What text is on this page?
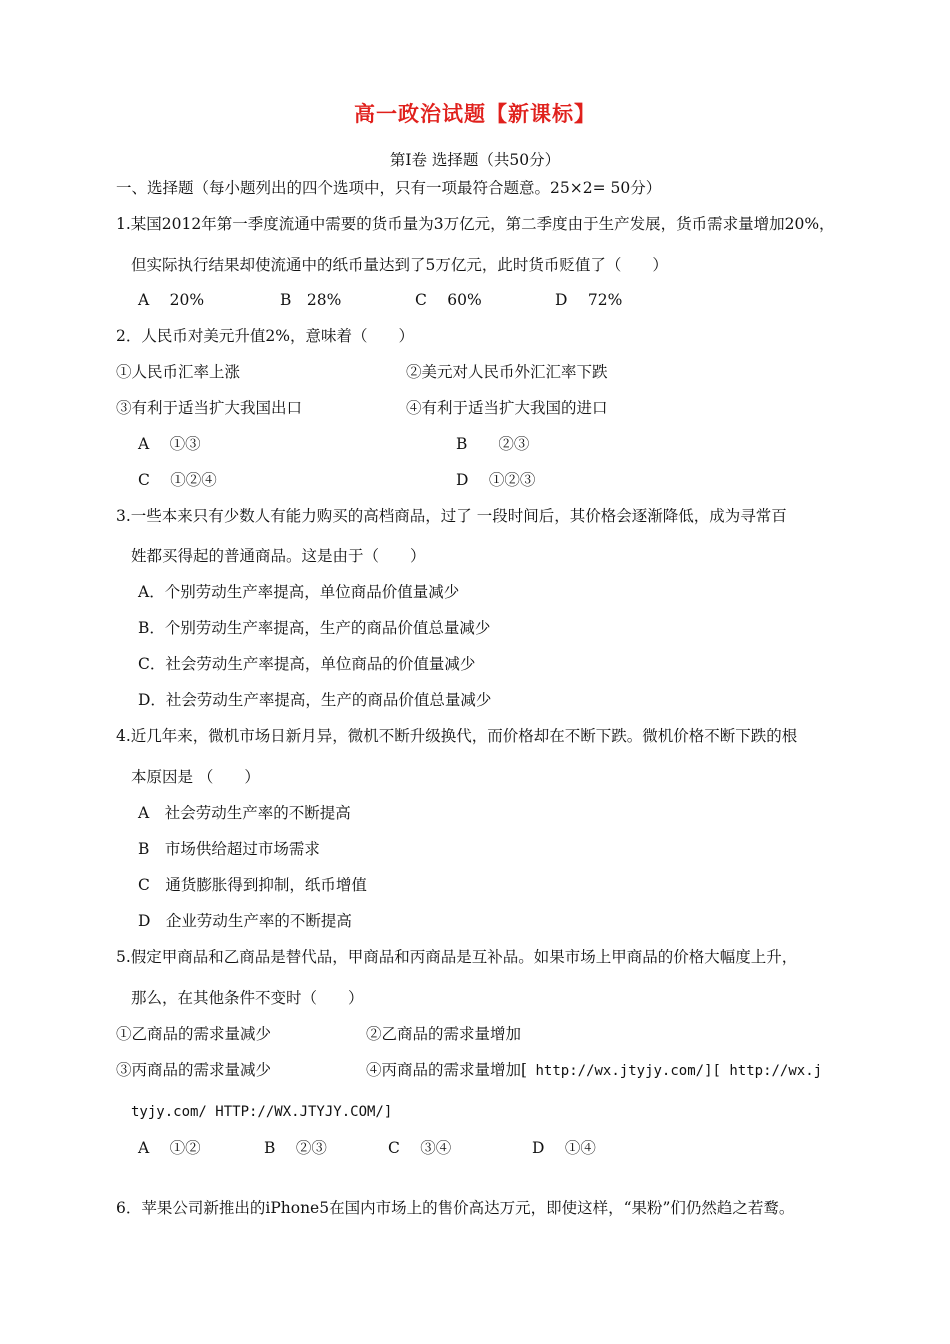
高一政治试题【新课标】
第Ⅰ卷 选择题（共50分）
一、选择题（每小题列出的四个选项中，只有一项最符合题意。25×2= 50分）
1.某国2012年第一季度流通中需要的货币量为3万亿元，第二季度由于生产发展，货币需求量增加20%，
但实际执行结果却使流通中的纸币量达到了5万亿元，此时货币贬值了（　　）
A　 20%	B　28%	C　 60%	D　 72%
2．人民币对美元升值2%，意味着（　　）
①人民币汇率上涨	②美元对人民币外汇汇率下跌
③有利于适当扩大我国出口	④有利于适当扩大我国的进口
A　 ①③	B　　②③
C　 ①②④	D　 ①②③
3.一些本来只有少数人有能力购买的高档商品，过了 一段时间后，其价格会逐渐降低，成为寻常百
姓都买得起的普通商品。这是由于（　　）
A．个别劳动生产率提高，单位商品价值量减少
B．个别劳动生产率提高，生产的商品价值总量减少
C．社会劳动生产率提高，单位商品的价值量减少
D．社会劳动生产率提高，生产的商品价值总量减少
4.近几年来，微机市场日新月异，微机不断升级换代，而价格却在不断下跌。微机价格不断下跌的根
本原因是 （　　）
A　社会劳动生产率的不断提高
B　市场供给超过市场需求
C　通货膨胀得到抑制，纸币增值
D　企业劳动生产率的不断提高
5.假定甲商品和乙商品是替代品，甲商品和丙商品是互补品。如果市场上甲商品的价格大幅度上升，
那么，在其他条件不变时（　　）
①乙商品的需求量减少	②乙商品的需求量增加
③丙商品的需求量减少	④丙商品的需求量增加[ http://wx.jtyjy.com/][ http://wx.j
tyjy.com/ HTTP://WX.JTYJY.COM/]
A　 ①②	B　 ②③	C　 ③④	D　 ①④
6．苹果公司新推出的iPhone5在国内市场上的售价高达万元，即使这样，“果粉”们仍然趋之若鹜。
